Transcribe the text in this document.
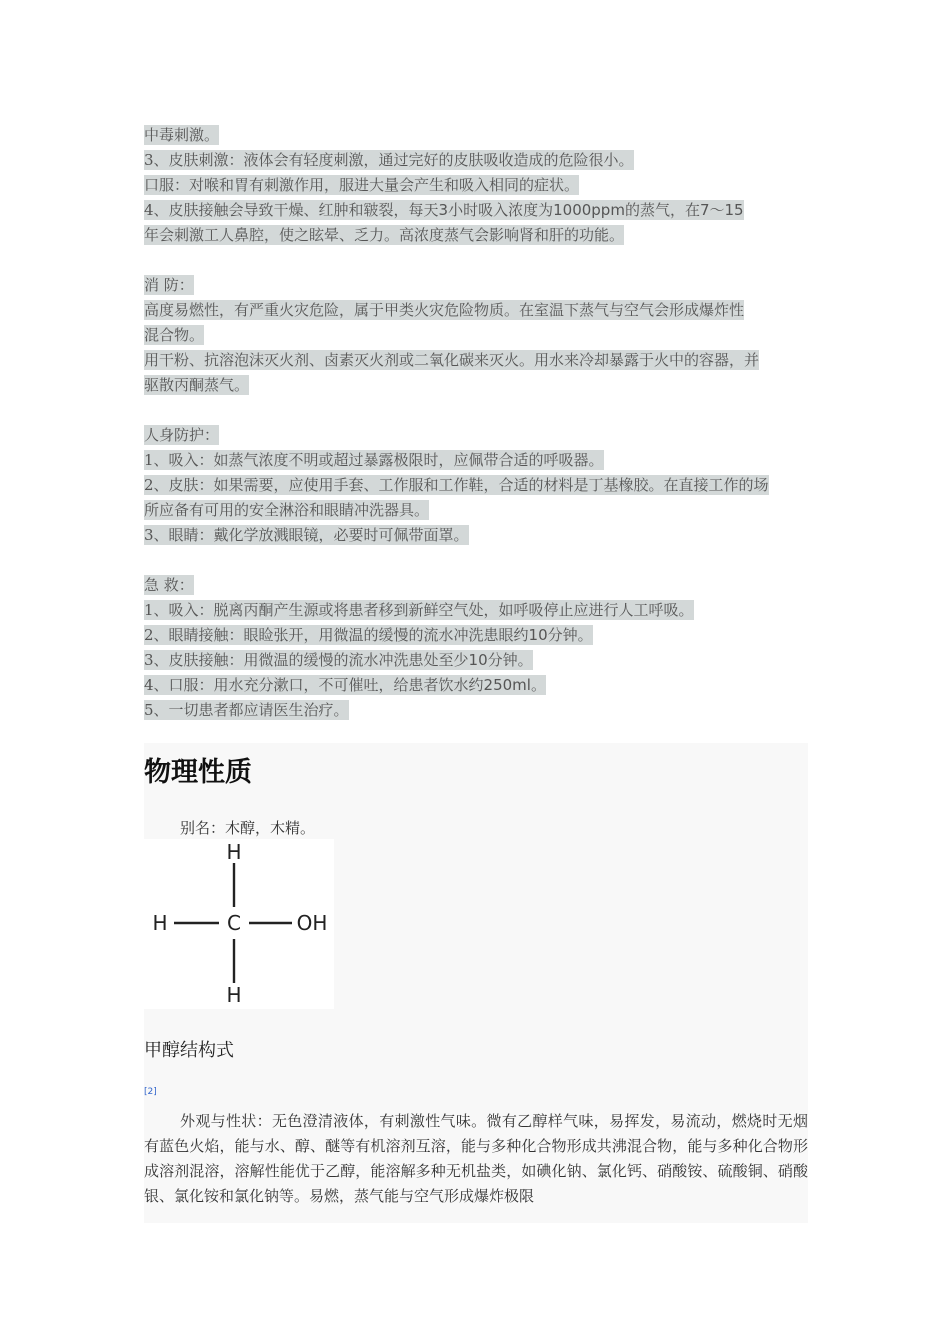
中毒刺激。
3、皮肤刺激：液体会有轻度刺激，通过完好的皮肤吸收造成的危险很小。
口服：对喉和胃有刺激作用，服进大量会产生和吸入相同的症状。
4、皮肤接触会导致干燥、红肿和皲裂，每天3小时吸入浓度为1000ppm的蒸气，在7～15
年会刺激工人鼻腔，使之眩晕、乏力。高浓度蒸气会影响肾和肝的功能。
消 防：
高度易燃性，有严重火灾危险，属于甲类火灾危险物质。在室温下蒸气与空气会形成爆炸性
混合物。
用干粉、抗溶泡沫灭火剂、卤素灭火剂或二氧化碳来灭火。用水来冷却暴露于火中的容器，并
驱散丙酮蒸气。
人身防护：
1、吸入：如蒸气浓度不明或超过暴露极限时，应佩带合适的呼吸器。
2、皮肤：如果需要，应使用手套、工作服和工作鞋，合适的材料是丁基橡胶。在直接工作的场
所应备有可用的安全淋浴和眼睛冲洗器具。
3、眼睛：戴化学放溅眼镜，必要时可佩带面罩。
急 救：
1、吸入：脱离丙酮产生源或将患者移到新鲜空气处，如呼吸停止应进行人工呼吸。
2、眼睛接触：眼睑张开，用微温的缓慢的流水冲洗患眼约10分钟。
3、皮肤接触：用微温的缓慢的流水冲洗患处至少10分钟。
4、口服：用水充分漱口，不可催吐，给患者饮水约250ml。
5、一切患者都应请医生治疗。
物理性质
别名：木醇，木精。
H
H	C	OH
H
甲醇结构式
[2]
外观与性状：无色澄清液体，有刺激性气味。微有乙醇样气味，易挥发，易流动，燃烧时无烟有蓝色火焰，能与水、醇、醚等有机溶剂互溶，能与多种化合物形成共沸混合物，能与多种化合物形成溶剂混溶，溶解性能优于乙醇，能溶解多种无机盐类，如碘化钠、氯化钙、硝酸铵、硫酸铜、硝酸银、氯化铵和氯化钠等。易燃，蒸气能与空气形成爆炸极限
